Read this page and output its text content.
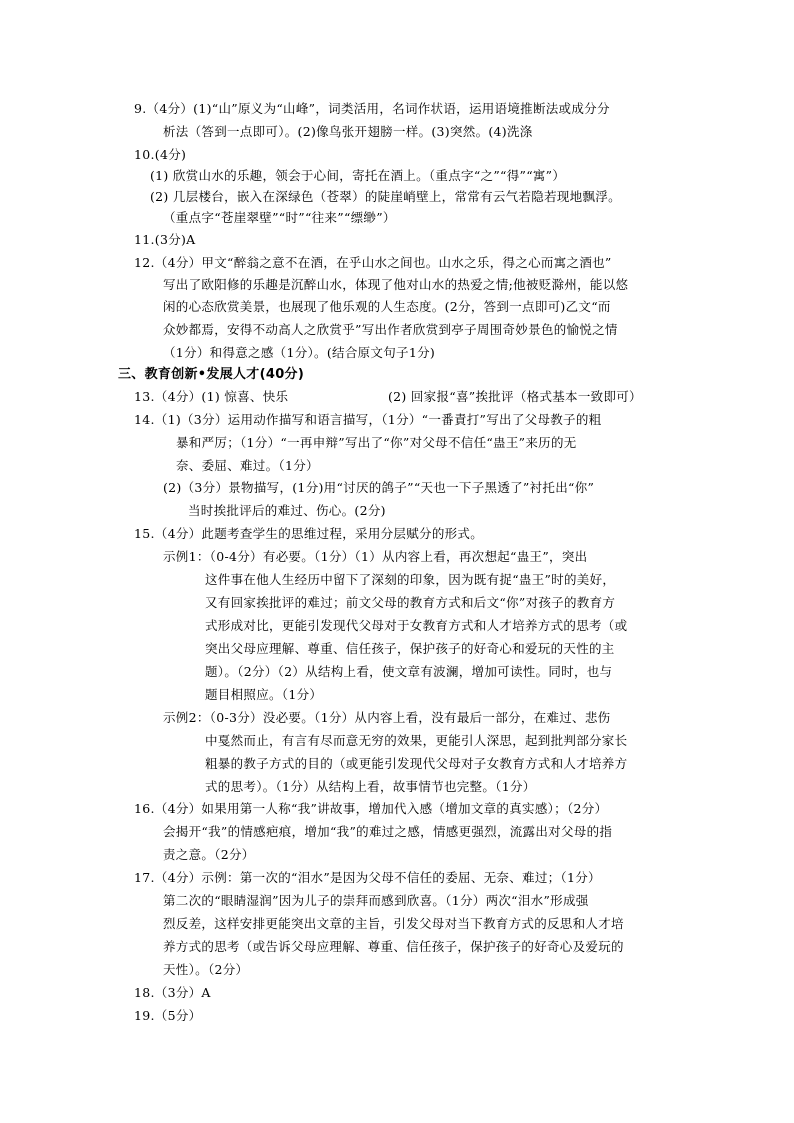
9.（4分）(1)“山”原义为“山峰”，词类活用，名词作状语，运用语境推断法或成分分
析法（答到一点即可）。(2)像鸟张开翅膀一样。(3)突然。(4)洗涤
10.(4分)
(1) 欣赏山水的乐趣，领会于心间，寄托在酒上。（重点字“之”“得”“寓”）
(2) 几层楼台，嵌入在深绿色（苍翠）的陡崖峭壁上，常常有云气若隐若现地飘浮。
（重点字“苍崖翠壁”“时”“往来”“缥缈”）
11.(3分)A
12.（4分）甲文“醉翁之意不在酒，在乎山水之间也。山水之乐，得之心而寓之酒也”
写出了欧阳修的乐趣是沉醉山水，体现了他对山水的热爱之情;他被贬滁州，能以悠
闲的心态欣赏美景，也展现了他乐观的人生态度。(2分，答到一点即可)乙文“而
众妙都焉，安得不动高人之欣赏乎”写出作者欣赏到亭子周围奇妙景色的愉悦之情
（1分）和得意之感（1分）。(结合原文句子1分)
三、教育创新•发展人才(40分)
13.（4分）(1) 惊喜、快乐	(2) 回家报“喜”挨批评（格式基本一致即可）
14.（1)（3分）运用动作描写和语言描写，（1分）“一番責打”写出了父母教子的粗
暴和严厉；（1分）“一再申辩”写出了“你”对父母不信任“蛊王”来历的无
奈、委屈、难过。（1分）
(2)（3分）景物描写，(1分)用“讨厌的鸽子”“天也一下子黑透了”衬托出“你”
当时挨批评后的难过、伤心。(2分)
15.（4分）此题考查学生的思维过程，采用分层赋分的形式。
示例1：（0-4分）有必要。（1分）（1）从内容上看，再次想起“蛊王”，突出
这件事在他人生经历中留下了深刻的印象，因为既有捉“蛊王”时的美好，
又有回家挨批评的难过；前文父母的教育方式和后文“你”对孩子的教育方
式形成对比，更能引发现代父母对于女教育方式和人才培养方式的思考（或
突出父母应理解、尊重、信任孩子，保护孩子的好奇心和爱玩的天性的主
题）。（2分）（2）从结构上看，使文章有波澜，增加可读性。同时，也与
题目相照应。（1分）
示例2：（0-3分）没必要。（1分）从内容上看，没有最后一部分，在难过、悲伤
中戛然而止，有言有尽而意无穷的效果，更能引人深思，起到批判部分家长
粗暴的教子方式的目的（或更能引发现代父母对子女教育方式和人才培养方
式的思考）。（1分）从结构上看，故事情节也完整。（1分）
16.（4分）如果用第一人称“我”讲故事，增加代入感（增加文章的真实感）；（2分）
会揭开“我”的情感疤痕，增加“我”的难过之感，情感更强烈，流露出对父母的指
责之意。（2分）
17.（4分）示例：第一次的“泪水”是因为父母不信任的委屈、无奈、难过；（1分）
第二次的“眼睛湿润”因为儿子的崇拜而感到欣喜。（1分）两次“泪水”形成强
烈反差，这样安排更能突出文章的主旨，引发父母对当下教育方式的反思和人才培
养方式的思考（或告诉父母应理解、尊重、信任孩子，保护孩子的好奇心及爱玩的
天性）。（2分）
18.（3分）A
19.（5分）
